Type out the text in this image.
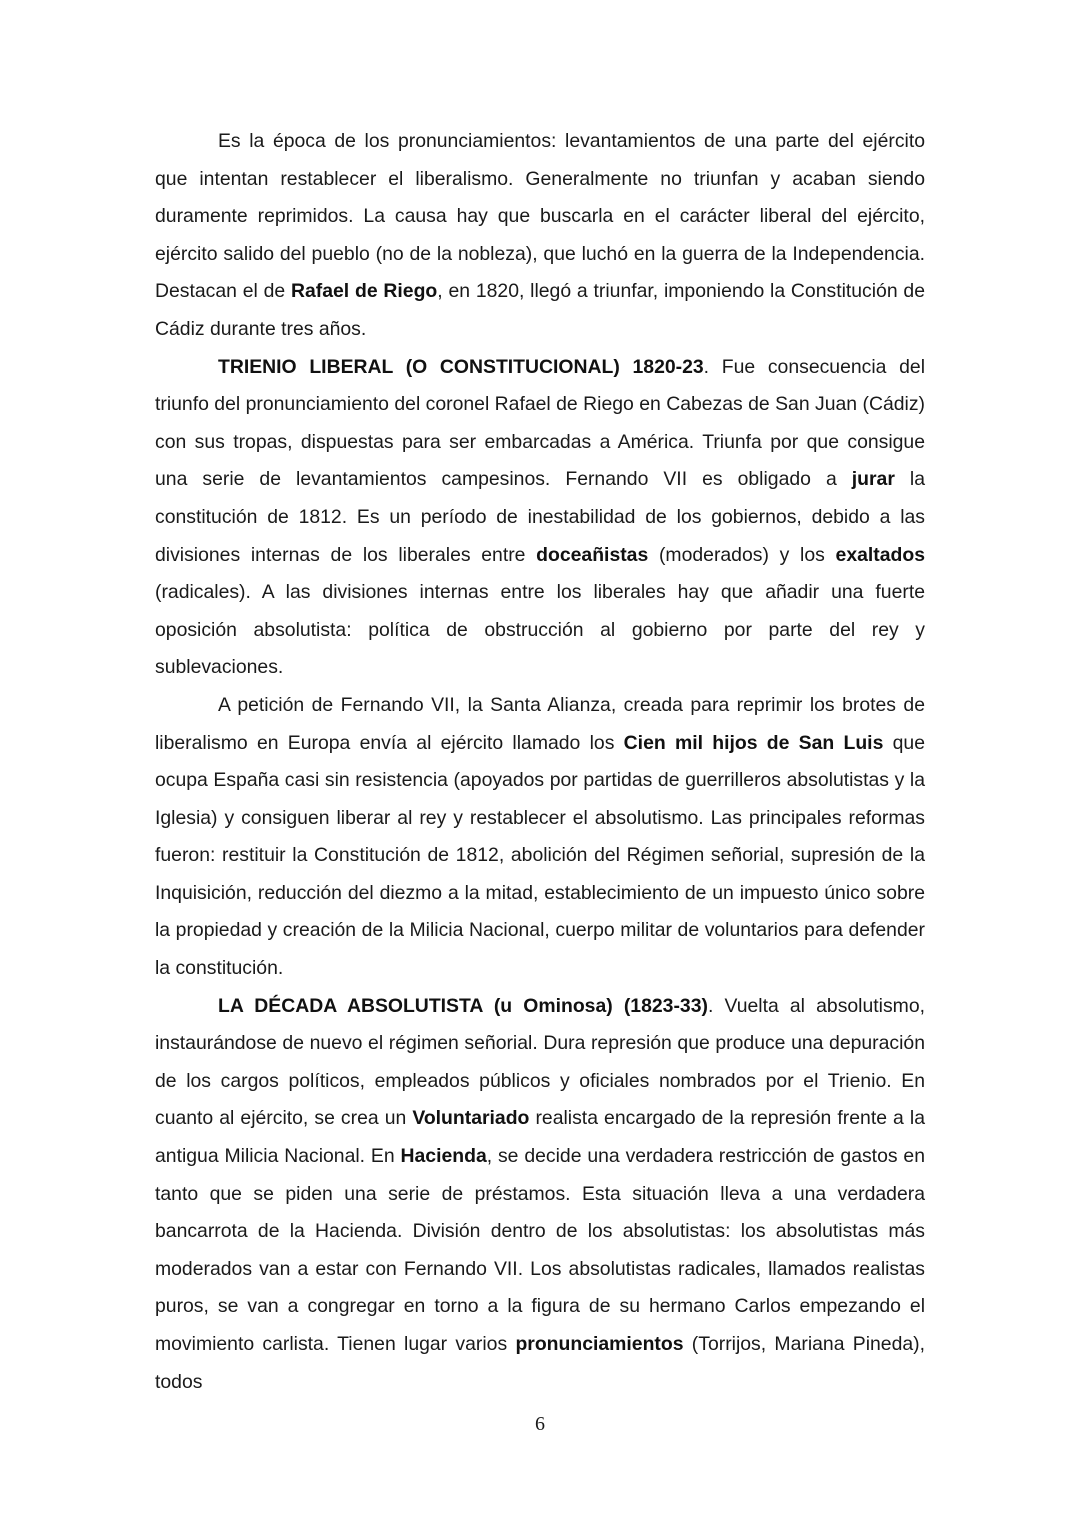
Es la época de los pronunciamientos: levantamientos de una parte del ejército que intentan restablecer el liberalismo. Generalmente no triunfan y acaban siendo duramente reprimidos. La causa hay que buscarla en el carácter liberal del ejército, ejército salido del pueblo (no de la nobleza), que luchó en la guerra de la Independencia. Destacan el de Rafael de Riego, en 1820, llegó a triunfar, imponiendo la Constitución de Cádiz durante tres años.

TRIENIO LIBERAL (O CONSTITUCIONAL) 1820-23. Fue consecuencia del triunfo del pronunciamiento del coronel Rafael de Riego en Cabezas de San Juan (Cádiz) con sus tropas, dispuestas para ser embarcadas a América. Triunfa por que consigue una serie de levantamientos campesinos. Fernando VII es obligado a jurar la constitución de 1812. Es un período de inestabilidad de los gobiernos, debido a las divisiones internas de los liberales entre doceañistas (moderados) y los exaltados (radicales). A las divisiones internas entre los liberales hay que añadir una fuerte oposición absolutista: política de obstrucción al gobierno por parte del rey y sublevaciones.

A petición de Fernando VII, la Santa Alianza, creada para reprimir los brotes de liberalismo en Europa envía al ejército llamado los Cien mil hijos de San Luis que ocupa España casi sin resistencia (apoyados por partidas de guerrilleros absolutistas y la Iglesia) y consiguen liberar al rey y restablecer el absolutismo. Las principales reformas fueron: restituir la Constitución de 1812, abolición del Régimen señorial, supresión de la Inquisición, reducción del diezmo a la mitad, establecimiento de un impuesto único sobre la propiedad y creación de la Milicia Nacional, cuerpo militar de voluntarios para defender la constitución.

LA DÉCADA ABSOLUTISTA (u Ominosa) (1823-33). Vuelta al absolutismo, instaurándose de nuevo el régimen señorial. Dura represión que produce una depuración de los cargos políticos, empleados públicos y oficiales nombrados por el Trienio. En cuanto al ejército, se crea un Voluntariado realista encargado de la represión frente a la antigua Milicia Nacional. En Hacienda, se decide una verdadera restricción de gastos en tanto que se piden una serie de préstamos. Esta situación lleva a una verdadera bancarrota de la Hacienda. División dentro de los absolutistas: los absolutistas más moderados van a estar con Fernando VII. Los absolutistas radicales, llamados realistas puros, se van a congregar en torno a la figura de su hermano Carlos empezando el movimiento carlista. Tienen lugar varios pronunciamientos (Torrijos, Mariana Pineda), todos

6
